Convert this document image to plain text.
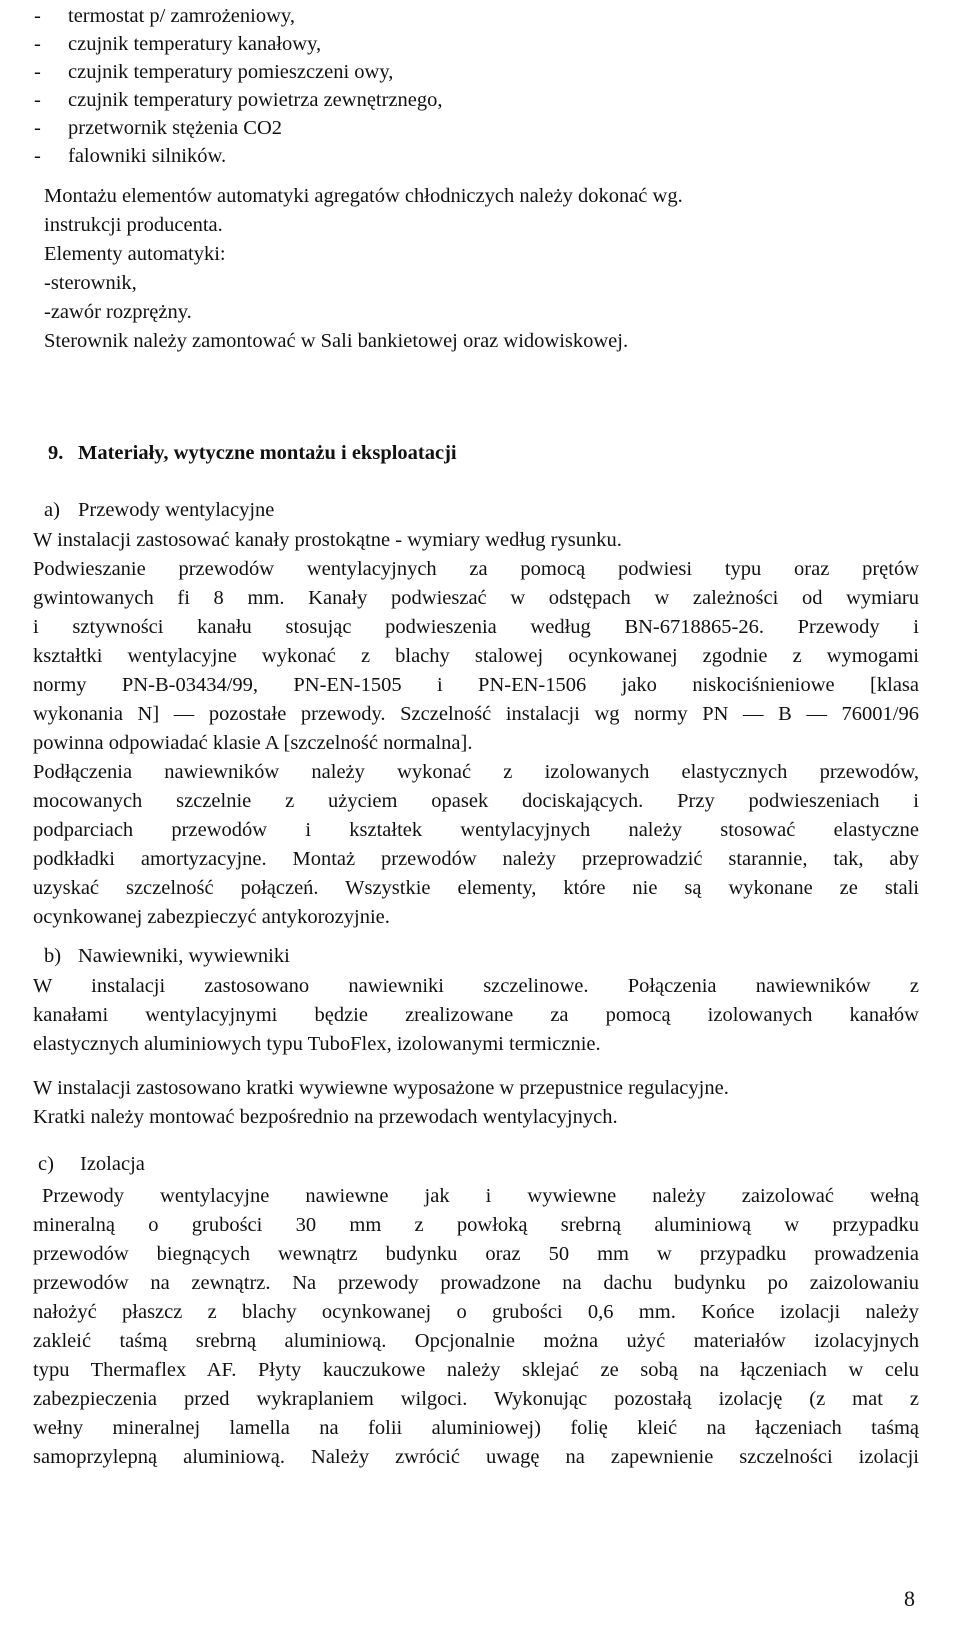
- termostat p/ zamrożeniowy,
- czujnik temperatury kanałowy,
- czujnik temperatury pomieszczeni owy,
- czujnik temperatury powietrza zewnętrznego,
- przetwornik stężenia CO2
- falowniki silników.
Montażu elementów automatyki agregatów chłodniczych należy dokonać wg.
instrukcji producenta.
Elementy automatyki:
-sterownik,
-zawór rozprężny.
Sterownik należy zamontować w Sali bankietowej oraz widowiskowej.
9. Materiały, wytyczne montażu i eksploatacji
a) Przewody wentylacyjne
W instalacji zastosować kanały prostokątne - wymiary według rysunku.
Podwieszanie przewodów wentylacyjnych za pomocą podwiesi typu oraz prętów
gwintowanych fi 8 mm. Kanały podwieszać w odstępach w zależności od wymiaru
i sztywności kanału stosując podwieszenia według BN-6718865-26. Przewody i
kształtki wentylacyjne wykonać z blachy stalowej ocynkowanej zgodnie z wymogami
normy PN-B-03434/99, PN-EN-1505 i PN-EN-1506 jako niskociśnieniowe [klasa
wykonania N] — pozostałe przewody. Szczelność instalacji wg normy PN — B — 76001/96
powinna odpowiadać klasie A [szczelność normalna].
Podłączenia nawiewników należy wykonać z izolowanych elastycznych przewodów,
mocowanych szczelnie z użyciem opasek dociskających. Przy podwieszeniach i
podparciach przewodów i kształtek wentylacyjnych należy stosować elastyczne
podkładki amortyzacyjne. Montaż przewodów należy przeprowadzić starannie, tak, aby
uzyskać szczelność połączeń. Wszystkie elementy, które nie są wykonane ze stali
ocynkowanej zabezpieczyć antykorozyjnie.
b) Nawiewniki, wywiewniki
W instalacji zastosowano nawiewniki szczelinowe. Połączenia nawiewników z
kanałami wentylacyjnymi będzie zrealizowane za pomocą izolowanych kanałów
elastycznych aluminiowych typu TuboFlex, izolowanymi termicznie.
W instalacji zastosowano kratki wywiewne wyposażone w przepustnice regulacyjne.
Kratki należy montować bezpośrednio na przewodach wentylacyjnych.
c) Izolacja
Przewody wentylacyjne nawiewne jak i wywiewne należy zaizolować wełną
mineralną o grubości 30 mm z powłoką srebrną aluminiową w przypadku
przewodów biegnących wewnątrz budynku oraz 50 mm w przypadku prowadzenia
przewodów na zewnątrz. Na przewody prowadzone na dachu budynku po zaizolowaniu
nałożyć płaszcz z blachy ocynkowanej o grubości 0,6 mm. Końce izolacji należy
zakleić taśmą srebrną aluminiową. Opcjonalnie można użyć materiałów izolacyjnych
typu Thermaflex AF. Płyty kauczukowe należy sklejać ze sobą na łączeniach w celu
zabezpieczenia przed wykraplaniem wilgoci. Wykonując pozostałą izolację (z mat z
wełny mineralnej lamella na folii aluminiowej) folię kleić na łączeniach taśmą
samoprzylepną aluminiową. Należy zwrócić uwagę na zapewnienie szczelności izolacji
8
